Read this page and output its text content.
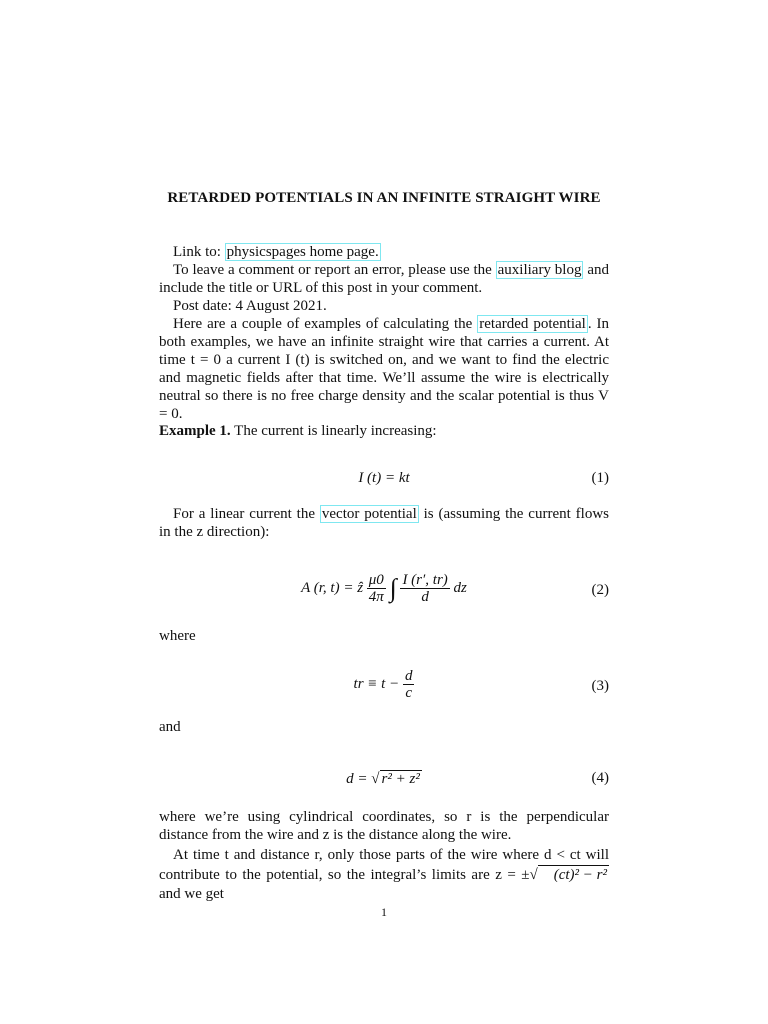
RETARDED POTENTIALS IN AN INFINITE STRAIGHT WIRE
Link to: physicspages home page.
To leave a comment or report an error, please use the auxiliary blog and include the title or URL of this post in your comment.
Post date: 4 August 2021.
Here are a couple of examples of calculating the retarded potential . In both examples, we have an infinite straight wire that carries a current. At time t = 0 a current I (t) is switched on, and we want to find the electric and magnetic fields after that time. We’ll assume the wire is electrically neutral so there is no free charge density and the scalar potential is thus V = 0.
Example 1. The current is linearly increasing:
I (t) = kt	(1)
For a linear current the vector potential is (assuming the current flows in the z direction):
A (r, t) = ẑ $\frac{\mu 0}{4\pi}$ ∫ $\frac{I (r', tr)}{d}$ dz	(2)
where
tr ≡ $t - \frac{d}{c}$	(3)
and
d = √ r² + z²	(4)
where we’re using cylindrical coordinates, so r is the perpendicular distance from the wire and z is the distance along the wire.
At time t and distance r, only those parts of the wire where d < ct will contribute to the potential, so the integral’s limits are z = ±√ (ct)² − r² and we get
1
